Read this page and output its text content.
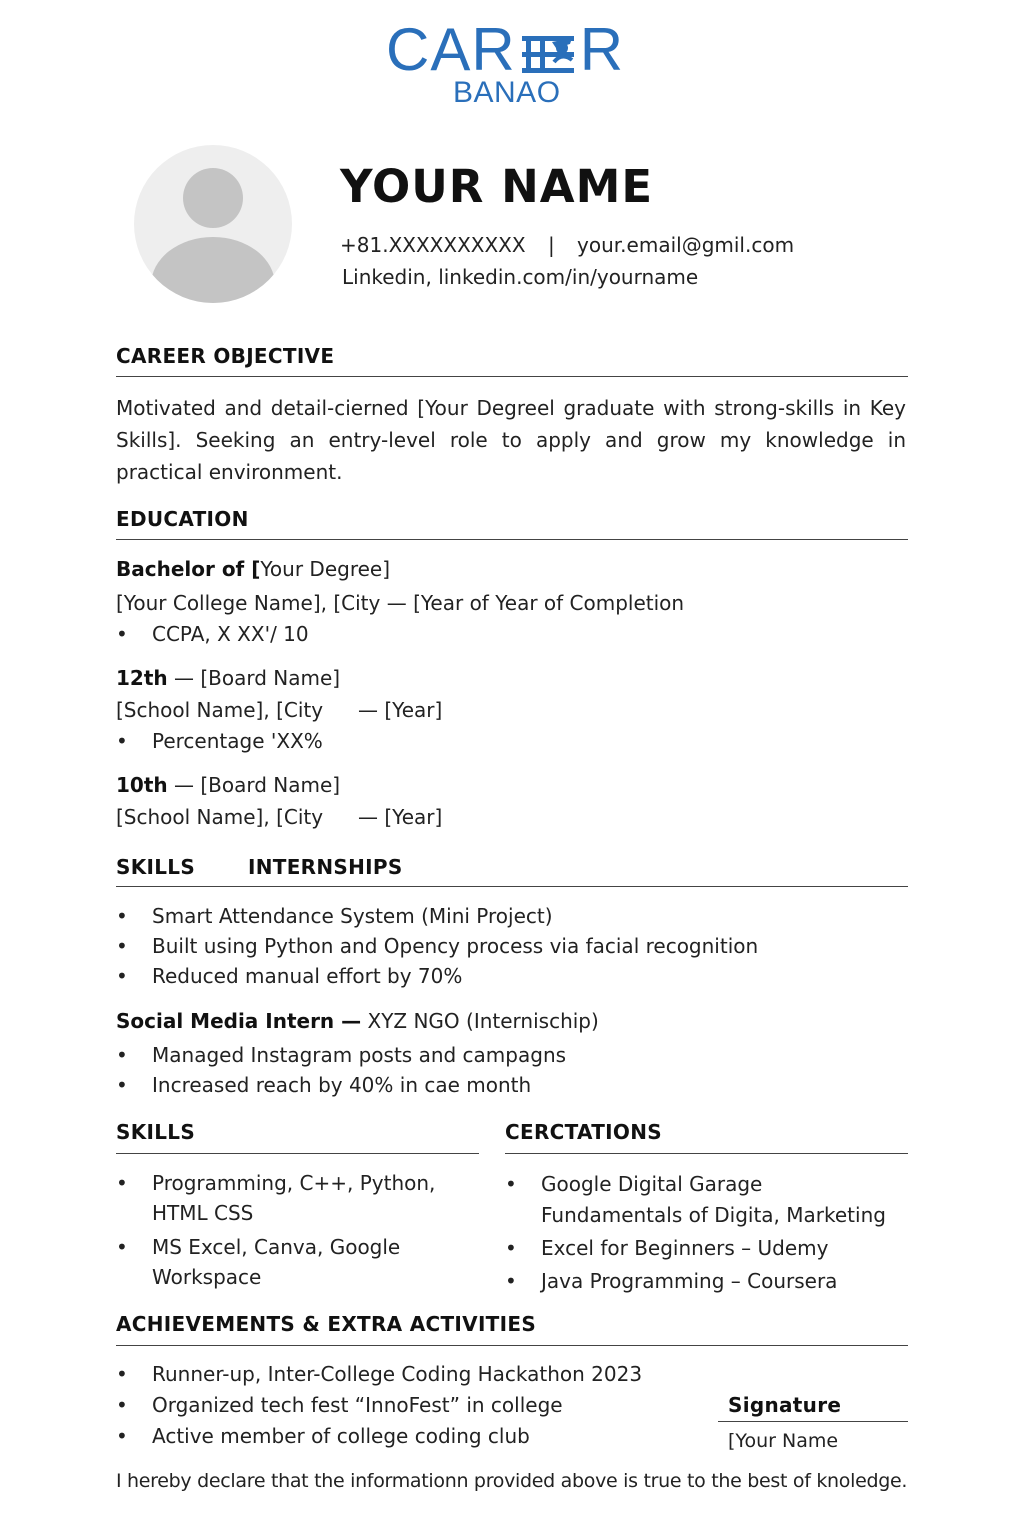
CAR R
BANAO
YOUR NAME
+81.XXXXXXXXXX | your.email@gmil.com
Linkedin, linkedin.com/in/yourname
CAREER OBJECTIVE
Motivated and detail-cierned [Your Degreel graduate with strong-skills in Key Skills]. Seeking an entry-level role to apply and grow my knowledge in practical environment.
EDUCATION
Bachelor of [Your Degree]
[Your College Name], [City — [Year of Year of Completion
• CCPA, X XX'/ 10
12th — [Board Name]
[School Name], [City — [Year]
• Percentage 'XX%
10th — [Board Name]
[School Name], [City — [Year]
SKILLS	INTERNSHIPS
• Smart Attendance System (Mini Project)
• Built using Python and Opency process via facial recognition
• Reduced manual effort by 70%
Social Media Intern — XYZ NGO (Internischip)
• Managed Instagram posts and campagns
• Increased reach by 40% in cae month
SKILLS
• Programming, C++, Python, HTML CSS
• MS Excel, Canva, Google Workspace
CERCTATIONS
• Google Digital Garage Fundamentals of Digita, Marketing
• Excel for Beginners – Udemy
• Java Programming – Coursera
ACHIEVEMENTS & EXTRA ACTIVITIES
• Runner-up, Inter-College Coding Hackathon 2023
• Organized tech fest “InnoFest” in college
• Active member of college coding club
Signature
[Your Name
I hereby declare that the informationn provided above is true to the best of knoledge.
